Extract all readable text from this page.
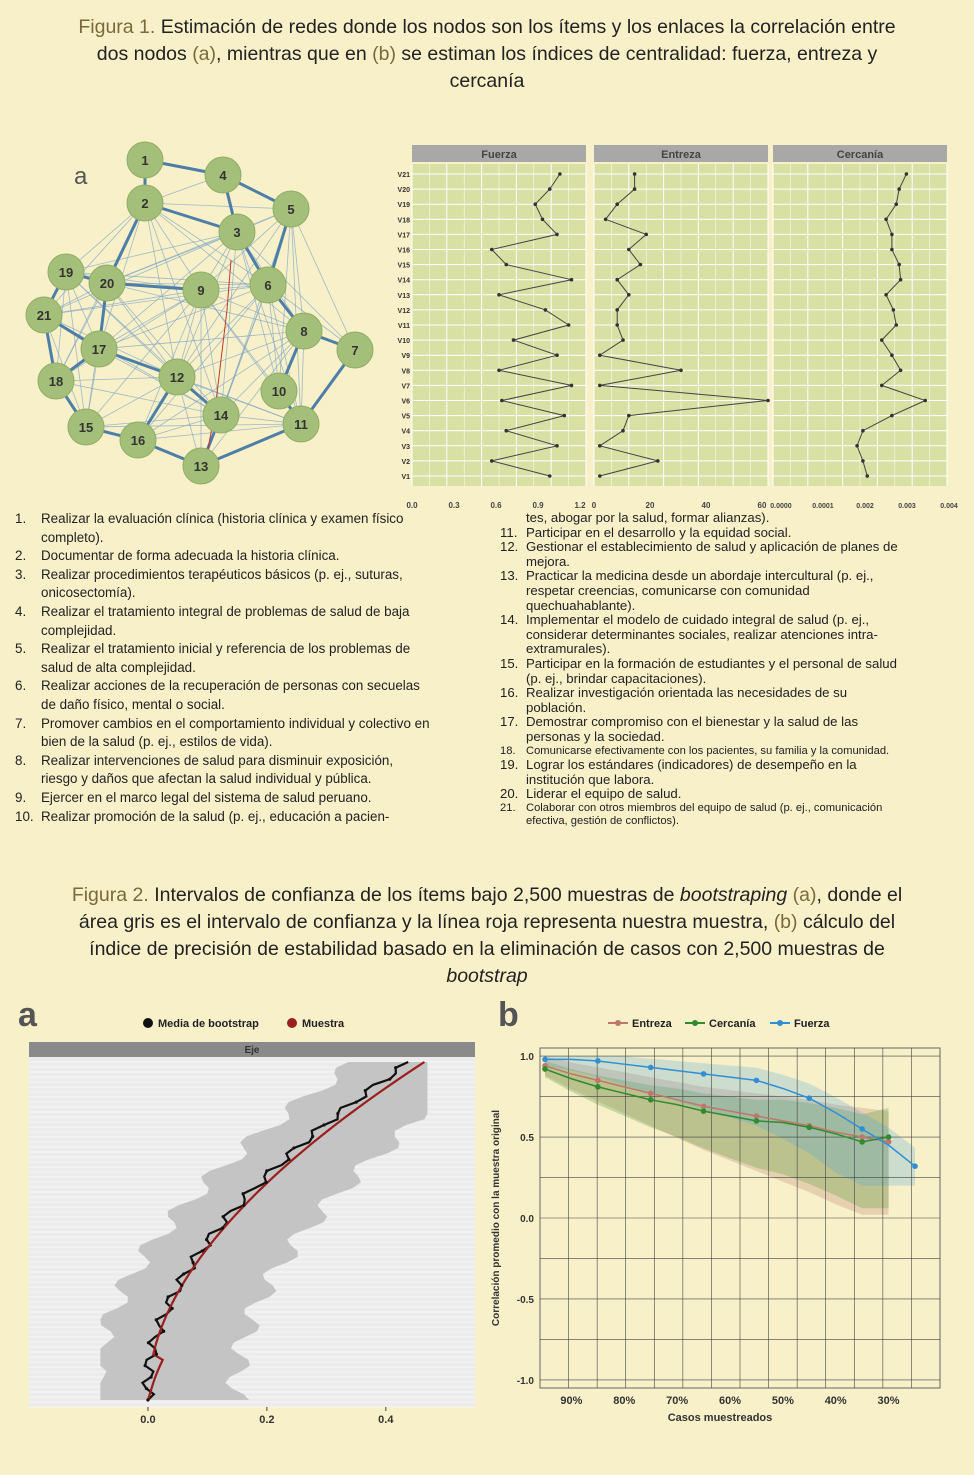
Figura 1. Estimación de redes donde los nodos son los ítems y los enlaces la correlación entre dos nodos (a), mientras que en (b) se estiman los índices de centralidad: fuerza, entreza y cercanía
a
1
2
3
4
5
6
7
8
9
10
11
12
13
14
15
16
17
18
19
20
21
Fuerza
0.0	0.3	0.6	0.9	1.2
Entreza
0	20	40	60
Cercanía
0.0000	0.0001	0.002	0.003	0.004
V1
V2
V3
V4
V5
V6
V7
V8
V9
V10
V11
V12
V13
V14
V15
V16
V17
V18
V19
V20
V21
1.	Realizar la evaluación clínica (historia clínica y examen físico completo).
2.	Documentar de forma adecuada la historia clínica.
3.	Realizar procedimientos terapéuticos básicos (p. ej., suturas, onicosectomía).
4.	Realizar el tratamiento integral de problemas de salud de baja complejidad.
5.	Realizar el tratamiento inicial y referencia de los problemas de salud de alta complejidad.
6.	Realizar acciones de la recuperación de personas con secuelas de daño físico, mental o social.
7.	Promover cambios en el comportamiento individual y colectivo en bien de la salud (p. ej., estilos de vida).
8.	Realizar intervenciones de salud para disminuir exposición, riesgo y daños que afectan la salud individual y pública.
9.	Ejercer en el marco legal del sistema de salud peruano.
10. Realizar promoción de la salud (p. ej., educación a pacien-
tes, abogar por la salud, formar alianzas).
11. Participar en el desarrollo y la equidad social.
12. Gestionar el establecimiento de salud y aplicación de planes de mejora.
13. Practicar la medicina desde un abordaje intercultural (p. ej., respetar creencias, comunicarse con comunidad quechuahablante).
14. Implementar el modelo de cuidado integral de salud (p. ej., considerar determinantes sociales, realizar atenciones intra-extramurales).
15. Participar en la formación de estudiantes y el personal de salud (p. ej., brindar capacitaciones).
16. Realizar investigación orientada las necesidades de su población.
17. Demostrar compromiso con el bienestar y la salud de las personas y la sociedad.
18. Comunicarse efectivamente con los pacientes, su familia y la comunidad.
19. Lograr los estándares (indicadores) de desempeño en la institución que labora.
20. Liderar el equipo de salud.
21. Colaborar con otros miembros del equipo de salud (p. ej., comunicación efectiva, gestión de conflictos).
Figura 2. Intervalos de confianza de los ítems bajo 2,500 muestras de bootstraping (a), donde el área gris es el intervalo de confianza y la línea roja representa nuestra muestra, (b) cálculo del índice de precisión de estabilidad basado en la eliminación de casos con 2,500 muestras de bootstrap
a	b
Media de bootstrap	Muestra
Eje
0.0	0.2	0.4
Entreza	Cercanía	Fuerza
1.0
0.5
0.0
-0.5
-1.0
90%	80%	70%	60%	50%	40%	30%
Casos muestreados
Correlación promedio con la muestra original
